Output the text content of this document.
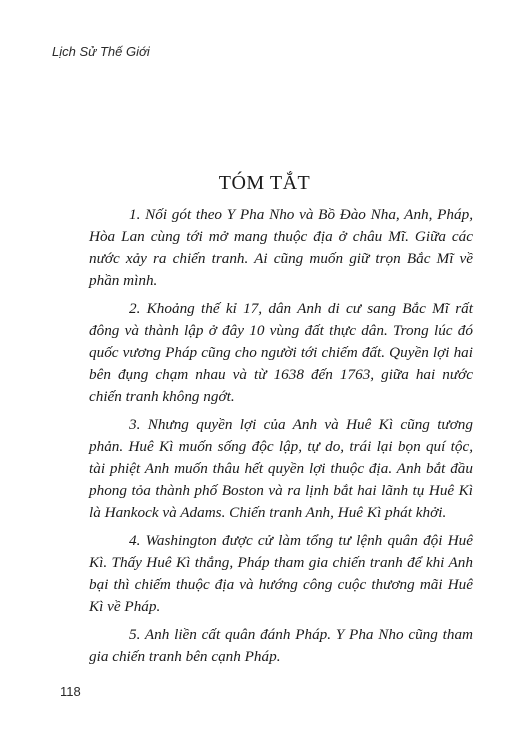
Lịch Sử Thế Giới
TÓM TẮT
1. Nối gót theo Y Pha Nho và Bồ Đào Nha, Anh, Pháp, Hòa Lan cùng tới mở mang thuộc địa ở châu Mĩ. Giữa các nước xảy ra chiến tranh. Ai cũng muốn giữ trọn Bắc Mĩ về phần mình.
2. Khoảng thế kỉ 17, dân Anh di cư sang Bắc Mĩ rất đông và thành lập ở đây 10 vùng đất thực dân. Trong lúc đó quốc vương Pháp cũng cho người tới chiếm đất. Quyền lợi hai bên đụng chạm nhau và từ 1638 đến 1763, giữa hai nước chiến tranh không ngớt.
3. Nhưng quyền lợi của Anh và Huê Kì cũng tương phản. Huê Kì muốn sống độc lập, tự do, trái lại bọn quí tộc, tài phiệt Anh muốn thâu hết quyền lợi thuộc địa. Anh bắt đầu phong tỏa thành phố Boston và ra lịnh bắt hai lãnh tụ Huê Kì là Hankock và Adams. Chiến tranh Anh, Huê Kì phát khởi.
4. Washington được cử làm tổng tư lệnh quân đội Huê Kì. Thấy Huê Kì thắng, Pháp tham gia chiến tranh để khi Anh bại thì chiếm thuộc địa và hướng công cuộc thương mãi Huê Kì về Pháp.
5. Anh liền cất quân đánh Pháp. Y Pha Nho cũng tham gia chiến tranh bên cạnh Pháp.
118
